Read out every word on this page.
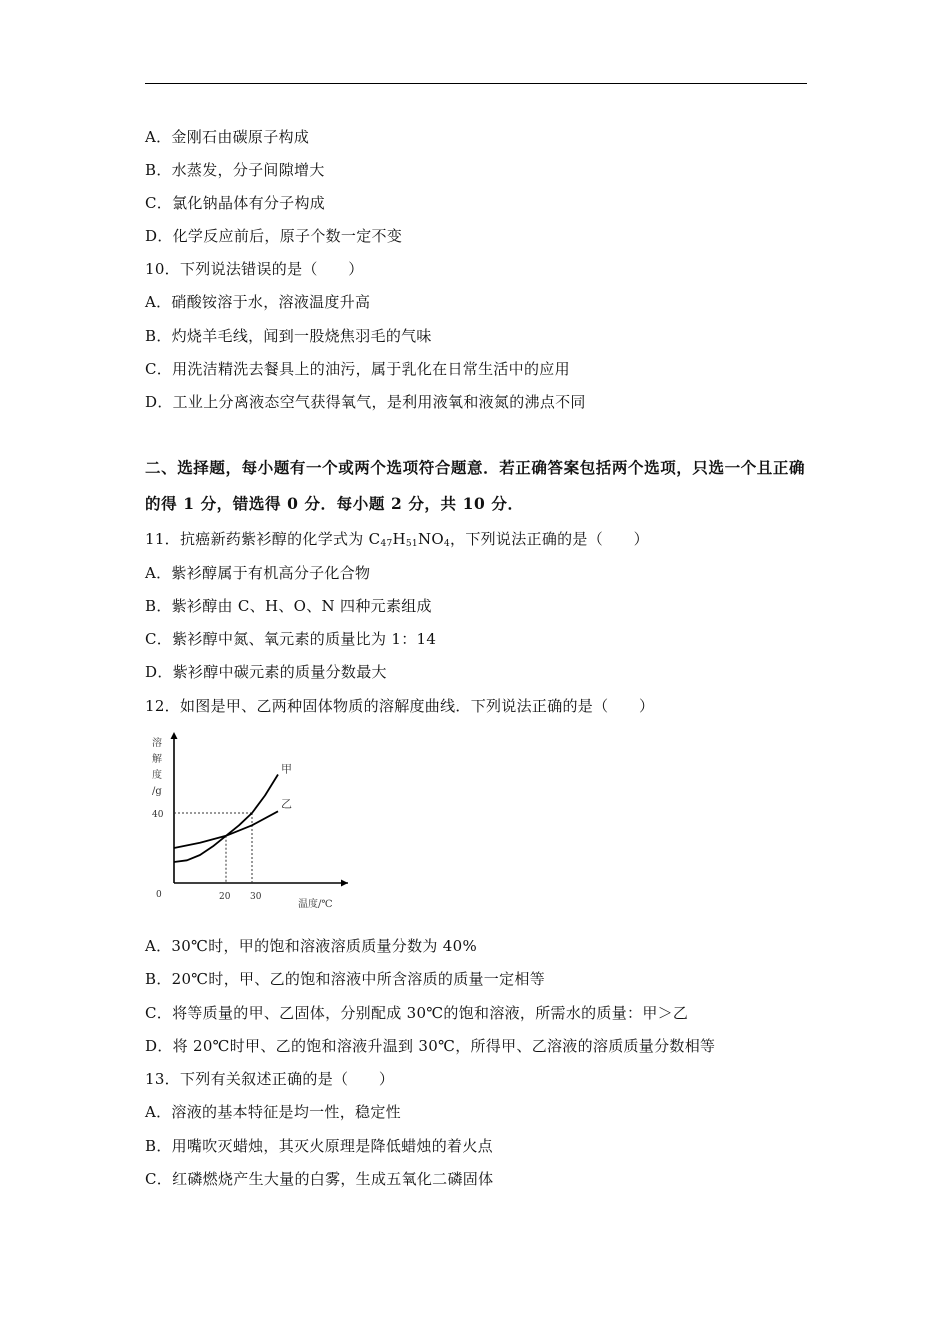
A．金刚石由碳原子构成
B．水蒸发，分子间隙增大
C．氯化钠晶体有分子构成
D．化学反应前后，原子个数一定不变
10．下列说法错误的是（　　）
A．硝酸铵溶于水，溶液温度升高
B．灼烧羊毛线，闻到一股烧焦羽毛的气味
C．用洗洁精洗去餐具上的油污，属于乳化在日常生活中的应用
D．工业上分离液态空气获得氧气，是利用液氧和液氮的沸点不同
二、选择题，每小题有一个或两个选项符合题意．若正确答案包括两个选项，只选一个且正确
的得 1 分，错选得 0 分．每小题 2 分，共 10 分．
11．抗癌新药紫衫醇的化学式为 $C_{47}H_{51}NO_4$，下列说法正确的是（　　）
A．紫衫醇属于有机高分子化合物
B．紫衫醇由 C、H、O、N 四种元素组成
C．紫衫醇中氮、氧元素的质量比为 1：14
D．紫衫醇中碳元素的质量分数最大
12．如图是甲、乙两种固体物质的溶解度曲线．下列说法正确的是（　　）
甲
乙
溶
解
度
/g
40
0	20 30
温度/℃
A．30℃时，甲的饱和溶液溶质质量分数为 40%
B．20℃时，甲、乙的饱和溶液中所含溶质的质量一定相等
C．将等质量的甲、乙固体，分别配成 30℃的饱和溶液，所需水的质量：甲＞乙
D．将 20℃时甲、乙的饱和溶液升温到 30℃，所得甲、乙溶液的溶质质量分数相等
13．下列有关叙述正确的是（　　）
A．溶液的基本特征是均一性，稳定性
B．用嘴吹灭蜡烛，其灭火原理是降低蜡烛的着火点
C．红磷燃烧产生大量的白雾，生成五氧化二磷固体
